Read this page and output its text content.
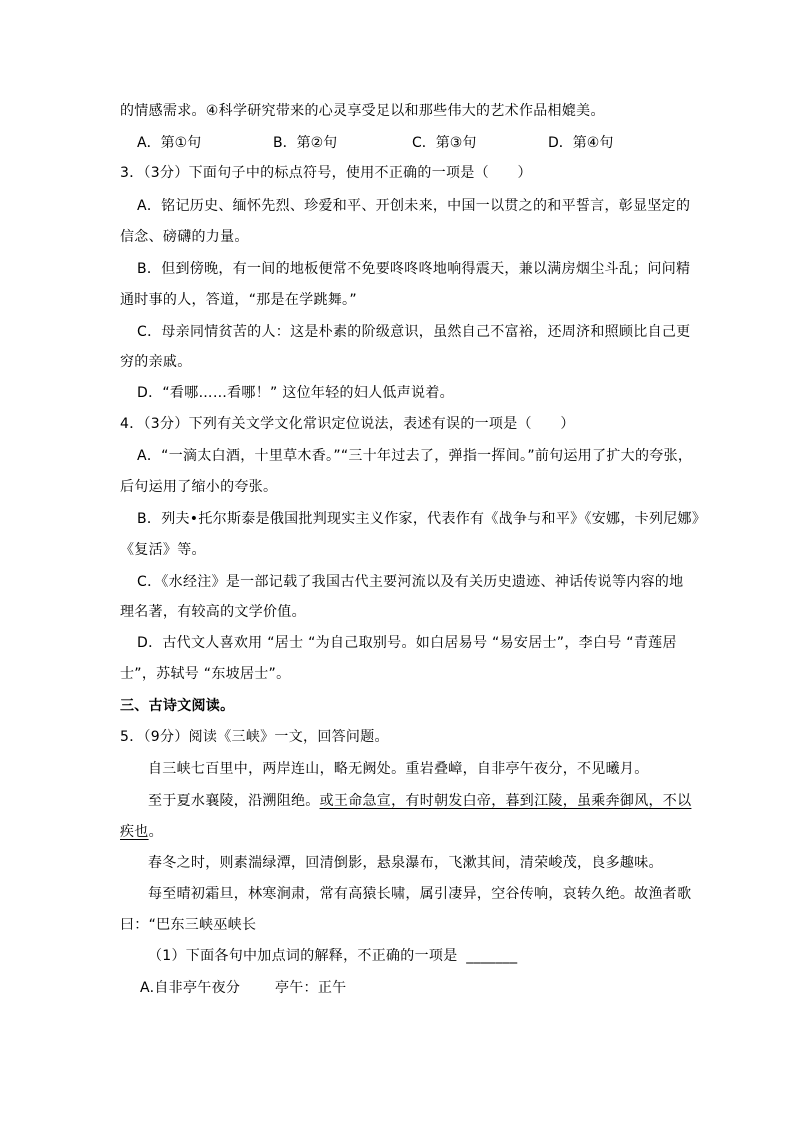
的情感需求。④科学研究带来的心灵享受足以和那些伟大的艺术作品相媲美。
A．第①句	B．第②句	C．第③句	D．第④句
3．（3分）下面句子中的标点符号，使用不正确的一项是（　　）
A．铭记历史、缅怀先烈、珍爱和平、开创未来，中国一以贯之的和平誓言，彰显坚定的
信念、磅礴的力量。
B．但到傍晚，有一间的地板便常不免要咚咚咚地响得震天，兼以满房烟尘斗乱；问问精
通时事的人，答道，“那是在学跳舞。”
C．母亲同情贫苦的人：这是朴素的阶级意识，虽然自己不富裕，还周济和照顾比自己更
穷的亲戚。
D．“看哪……看哪！” 这位年轻的妇人低声说着。
4．（3分）下列有关文学文化常识定位说法，表述有误的一项是（　　）
A．“一滴太白酒，十里草木香。”“三十年过去了，弹指一挥间。”前句运用了扩大的夸张，
后句运用了缩小的夸张。
B．列夫•托尔斯泰是俄国批判现实主义作家，代表作有《战争与和平》《安娜，卡列尼娜》
《复活》等。
C．《水经注》是一部记载了我国古代主要河流以及有关历史遗迹、神话传说等内容的地
理名著，有较高的文学价值。
D．古代文人喜欢用 “居士 “为自己取别号。如白居易号 “易安居士”，李白号 “青莲居
士”，苏轼号 “东坡居士”。
三、古诗文阅读。
5．（9分）阅读《三峡》一文，回答问题。
自三峡七百里中，两岸连山，略无阙处。重岩叠嶂，自非亭午夜分，不见曦月。
至于夏水襄陵，沿溯阻绝。或王命急宣，有时朝发白帝，暮到江陵，虽乘奔御风，不以
疾也。
春冬之时，则素湍绿潭，回清倒影，悬泉瀑布，飞漱其间，清荣峻茂，良多趣味。
每至晴初霜旦，林寒涧肃，常有高猿长啸，属引凄异，空谷传响，哀转久绝。故渔者歌
曰：“巴东三峡巫峡长
（1）下面各句中加点词的解释，不正确的一项是 _______
A.自非亭午夜分 亭午：正午
